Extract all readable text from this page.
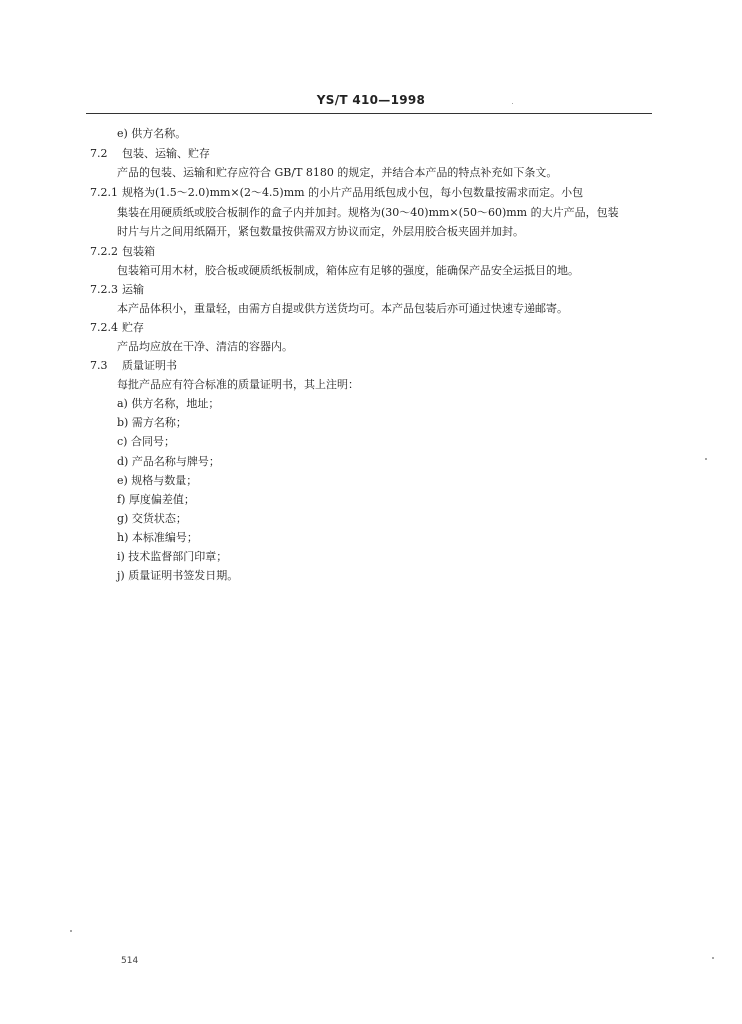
YS/T 410—1998
e) 供方名称。
7.2 包装、运输、贮存
产品的包装、运输和贮存应符合 GB/T 8180 的规定，并结合本产品的特点补充如下条文。
7.2.1 规格为(1.5～2.0)mm×(2～4.5)mm 的小片产品用纸包成小包，每小包数量按需求而定。小包
集装在用硬质纸或胶合板制作的盒子内并加封。规格为(30～40)mm×(50～60)mm 的大片产品，包装
时片与片之间用纸隔开，紧包数量按供需双方协议而定，外层用胶合板夹固并加封。
7.2.2 包装箱
包装箱可用木材，胶合板或硬质纸板制成，箱体应有足够的强度，能确保产品安全运抵目的地。
7.2.3 运输
本产品体积小，重量轻，由需方自提或供方送货均可。本产品包装后亦可通过快速专递邮寄。
7.2.4 贮存
产品均应放在干净、清洁的容器内。
7.3 质量证明书
每批产品应有符合标准的质量证明书，其上注明：
a) 供方名称，地址；
b) 需方名称；
c) 合同号；
d) 产品名称与牌号；
e) 规格与数量；
f) 厚度偏差值；
g) 交货状态；
h) 本标准编号；
i) 技术监督部门印章；
j) 质量证明书签发日期。
514
